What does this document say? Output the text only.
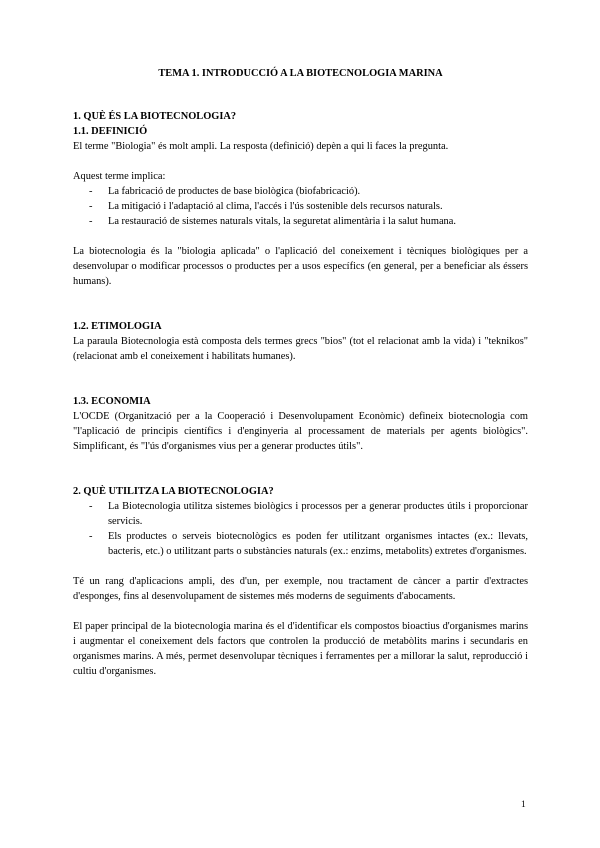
TEMA 1. INTRODUCCIÓ A LA BIOTECNOLOGIA MARINA
1. QUÈ ÉS LA BIOTECNOLOGIA?
1.1. DEFINICIÓ

El terme "Biologia" és molt ampli. La resposta (definició) depèn a qui li faces la pregunta.

Aquest terme implica:

- La fabricació de productes de base biològica (biofabricació).
- La mitigació i l'adaptació al clima, l'accés i l'ús sostenible dels recursos naturals.
- La restauració de sistemes naturals vitals, la seguretat alimentària i la salut humana.

La biotecnologia és la "biologia aplicada" o l'aplicació del coneixement i tècniques biològiques per a desenvolupar o modificar processos o productes per a usos específics (en general, per a beneficiar als éssers humans).

1.2. ETIMOLOGIA

La paraula Biotecnologia està composta dels termes grecs "bios" (tot el relacionat amb la vida) i "teknikos" (relacionat amb el coneixement i habilitats humanes).

1.3. ECONOMIA

L'OCDE (Organització per a la Cooperació i Desenvolupament Econòmic) defineix biotecnologia com "l'aplicació de principis científics i d'enginyeria al processament de materials per agents biològics". Simplificant, és "l'ús d'organismes vius per a generar productes útils".

2. QUÈ UTILITZA LA BIOTECNOLOGIA?
- La Biotecnologia utilitza sistemes biològics i processos per a generar productes útils i proporcionar servicis.
- Els productes o serveis biotecnològics es poden fer utilitzant organismes intactes (ex.: llevats, bacteris, etc.) o utilitzant parts o substàncies naturals (ex.: enzims, metabolits) extretes d'organismes.

Té un rang d'aplicacions ampli, des d'un, per exemple, nou tractament de càncer a partir d'extractes d'esponges, fins al desenvolupament de sistemes més moderns de seguiments d'abocaments.

El paper principal de la biotecnologia marina és el d'identificar els compostos bioactius d'organismes marins i augmentar el coneixement dels factors que controlen la producció de metabòlits marins i secundaris en organismes marins. A més, permet desenvolupar tècniques i ferramentes per a millorar la salut, reproducció i cultiu d'organismes.

1
